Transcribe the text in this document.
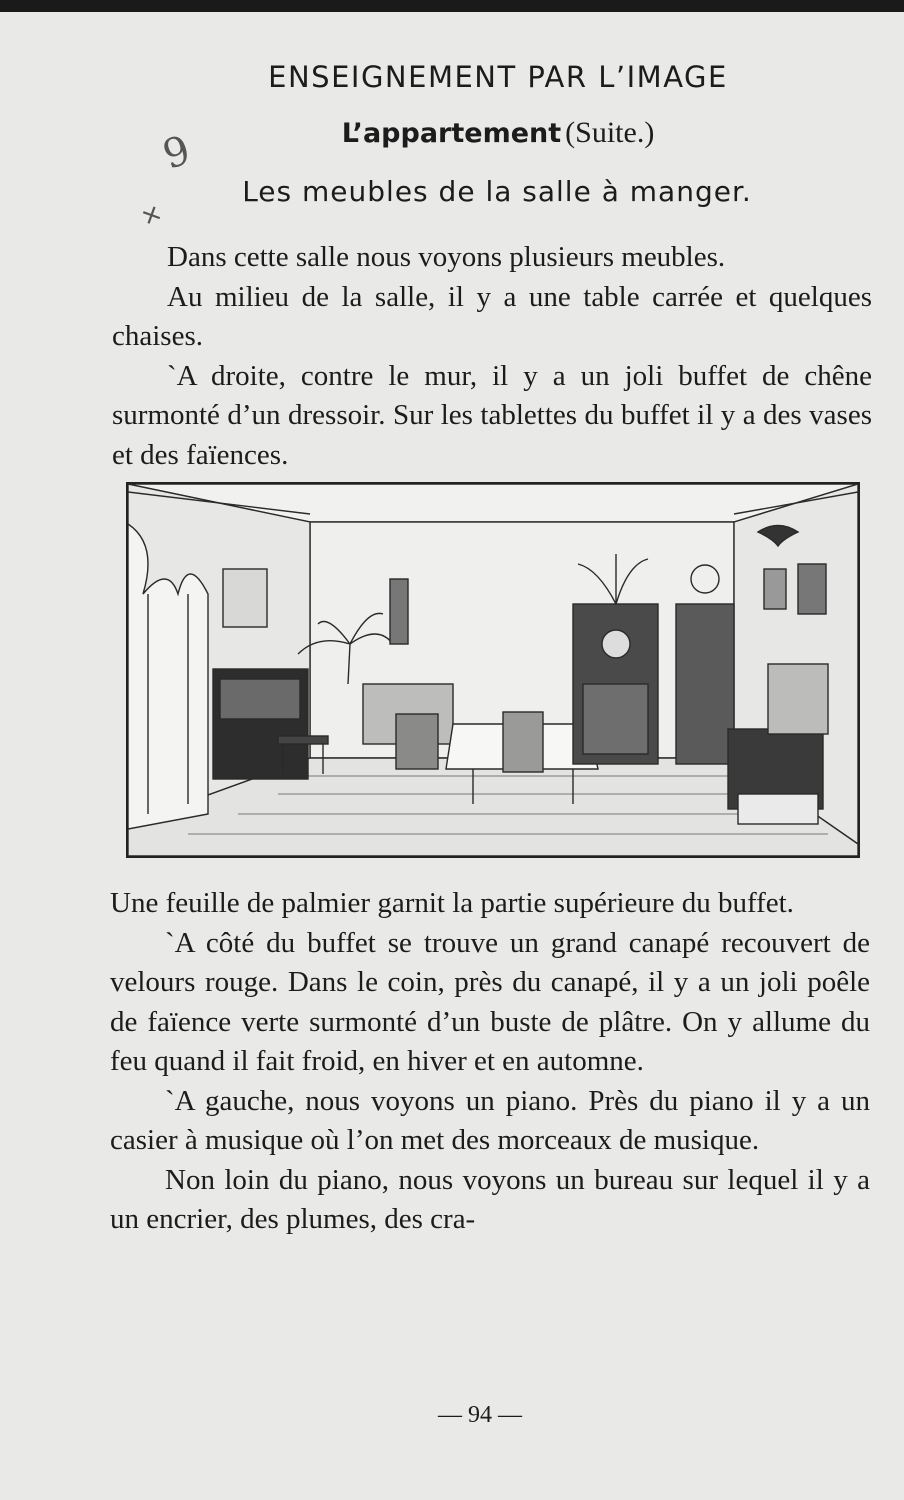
ENSEIGNEMENT PAR L’IMAGE
L’appartement (Suite.)
9
+
Les meubles de la salle à manger.

Dans cette salle nous voyons plusieurs meubles.

Au milieu de la salle, il y a une table carrée et quelques chaises.

`A droite, contre le mur, il y a un joli buffet de chêne surmonté d’un dressoir. Sur les tablettes du buffet il y a des vases et des faïences.

Une feuille de palmier garnit la partie supérieure du buffet.

`A côté du buffet se trouve un grand canapé recouvert de velours rouge. Dans le coin, près du canapé, il y a un joli poêle de faïence verte surmonté d’un buste de plâtre. On y allume du feu quand il fait froid, en hiver et en automne.

`A gauche, nous voyons un piano. Près du piano il y a un casier à musique où l’on met des morceaux de musique.

Non loin du piano, nous voyons un bureau sur lequel il y a un encrier, des plumes, des cra-

— 94 —
